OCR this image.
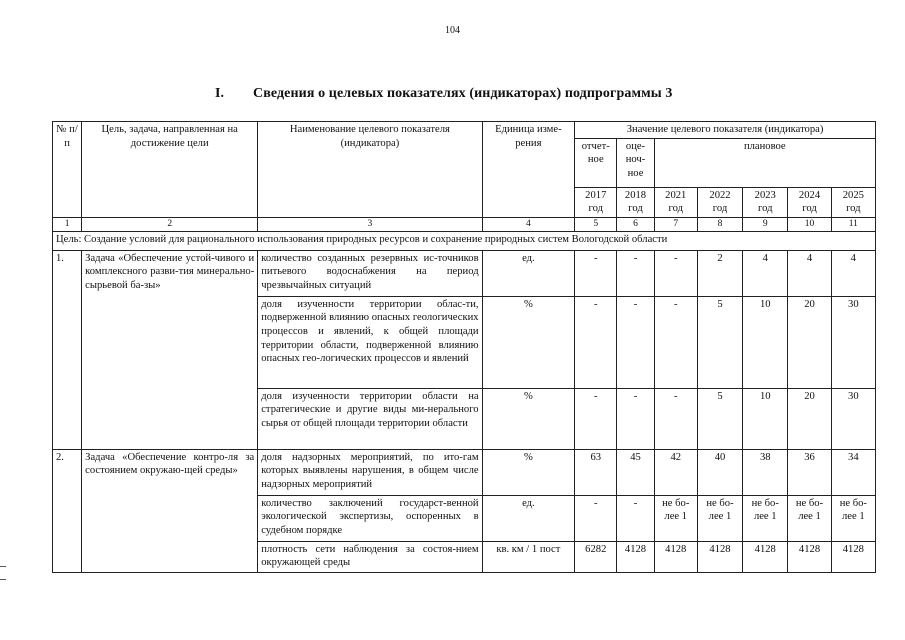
104
I. Сведения о целевых показателях (индикаторах) подпрограммы 3
№ п/п	Цель, задача, направленная на достижение цели	Наименование целевого показателя (индикатора)	Единица изме-рения	Значение целевого показателя (индикатора)						
				отчет-ное	оце-ноч-ное	плановое				
				2017 год	2018 год	2021 год	2022 год	2023 год	2024 год	2025 год

1	2	3	4	5	6	7	8	9	10	11
Цель: Создание условий для рационального использования природных ресурсов и сохранение природных систем Вологодской области										
1.	Задача «Обеспечение устой-чивого и комплексного разви-тия минерально-сырьевой ба-зы»	количество созданных резервных ис-точников питьевого водоснабжения на период чрезвычайных ситуаций	ед.	-	-	-	2	4	4	4
		доля изученности территории облас-ти, подверженной влиянию опасных геологических процессов и явлений, к общей площади территории области, подверженной влиянию опасных гео-логических процессов и явлений	%	-	-	-	5	10	20	30
		доля изученности территории области на стратегические и другие виды ми-нерального сырья от общей площади территории области	%	-	-	-	5	10	20	30
2.	Задача «Обеспечение контро-ля за состоянием окружаю-щей среды»	доля надзорных мероприятий, по ито-гам которых выявлены нарушения, в общем числе надзорных мероприятий	%	63	45	42	40	38	36	34
		количество заключений государст-венной экологической экспертизы, оспоренных в судебном порядке	ед.	-	-	не бо-лее 1	не бо-лее 1	не бо-лее 1	не бо-лее 1	не бо-лее 1
		плотность сети наблюдения за состоя-нием окружающей среды	кв. км / 1 пост	6282	4128	4128	4128	4128	4128	4128
